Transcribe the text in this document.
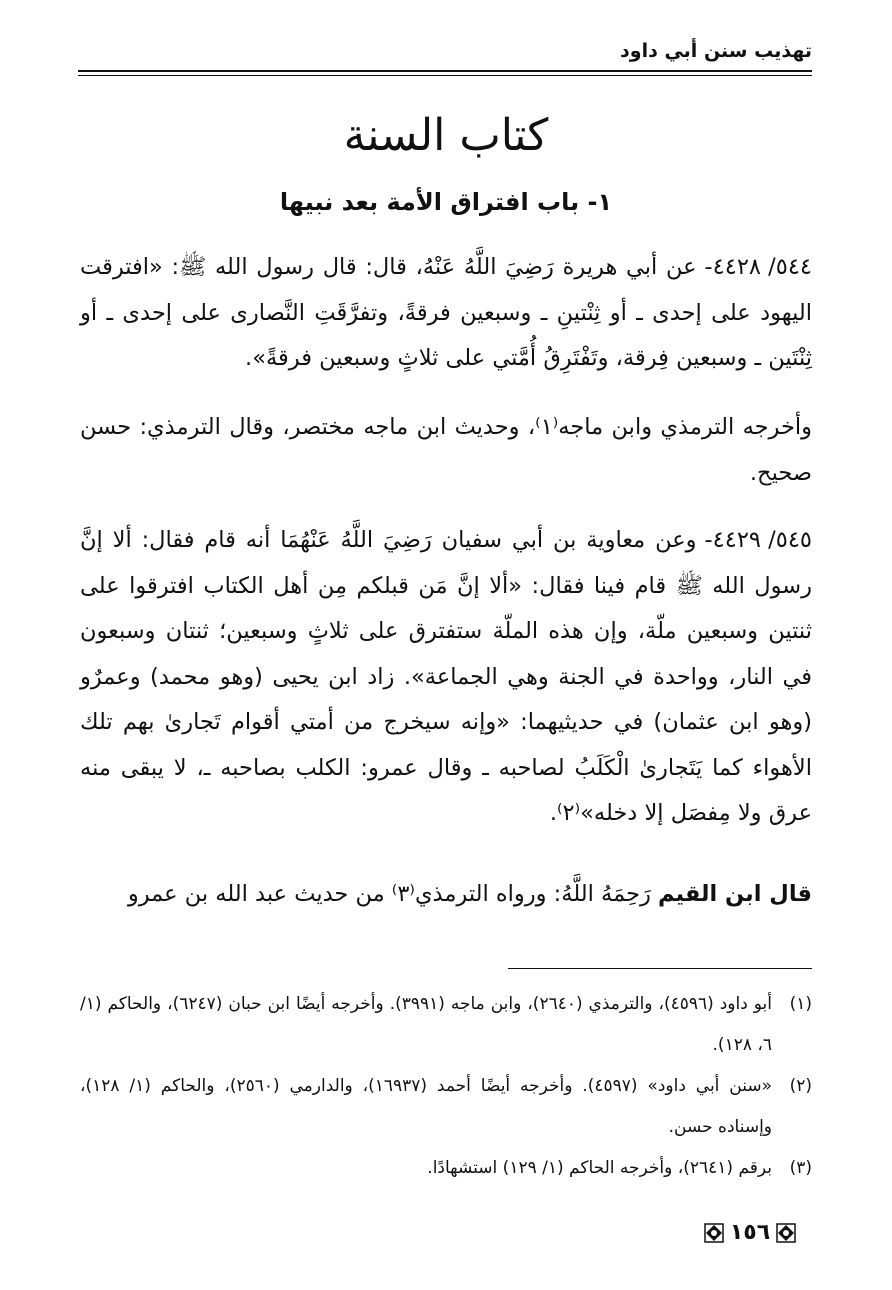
تهذيب سنن أبي داود
كتاب السنة
١- باب افتراق الأمة بعد نبيها
٥٤٤/ ٤٤٢٨-عن أبي هريرة رَضِيَ اللَّهُ عَنْهُ، قال: قال رسول الله ﷺ: «افترقت اليهود على إحدى ـ أو ثِنْتينِ ـ وسبعين فرقةً، وتفرَّقَتِ النَّصارى على إحدى ـ أو ثِنْتَين ـ وسبعين فِرقة، وتَفْتَرِقُ أُمَّتي على ثلاثٍ وسبعين فرقةً».
وأخرجه الترمذي وابن ماجه⁽١⁾، وحديث ابن ماجه مختصر، وقال الترمذي: حسن صحيح.
٥٤٥/ ٤٤٢٩-وعن معاوية بن أبي سفيان رَضِيَ اللَّهُ عَنْهُمَا أنه قام فقال: ألا إنَّ رسول الله ﷺ قام فينا فقال: «ألا إنَّ مَن قبلكم مِن أهل الكتاب افترقوا على ثنتين وسبعين ملّة، وإن هذه الملّة ستفترق على ثلاثٍ وسبعين؛ ثنتان وسبعون في النار، وواحدة في الجنة وهي الجماعة». زاد ابن يحيى (وهو محمد) وعمرٌو (وهو ابن عثمان) في حديثيهما: «وإنه سيخرج من أمتي أقوام تَجارىٰ بهم تلك الأهواء كما يَتَجارىٰ الْكَلَبُ لصاحبه ـ وقال عمرو: الكلب بصاحبه ـ، لا يبقى منه عرق ولا مِفصَل إلا دخله»⁽٢⁾.
قال ابن القيم رَحِمَهُ اللَّهُ: ورواه الترمذي⁽٣⁾ من حديث عبد الله بن عمرو
(١)
أبو داود (٤٥٩٦)، والترمذي (٢٦٤٠)، وابن ماجه (٣٩٩١). وأخرجه أيضًا ابن حبان (٦٢٤٧)، والحاكم (١/ ٦، ١٢٨).
(٢)
«سنن أبي داود» (٤٥٩٧). وأخرجه أيضًا أحمد (١٦٩٣٧)، والدارمي (٢٥٦٠)، والحاكم (١/ ١٢٨)، وإسناده حسن.
(٣)
برقم (٢٦٤١)، وأخرجه الحاكم (١/ ١٢٩) استشهادًا.
١٥٦
